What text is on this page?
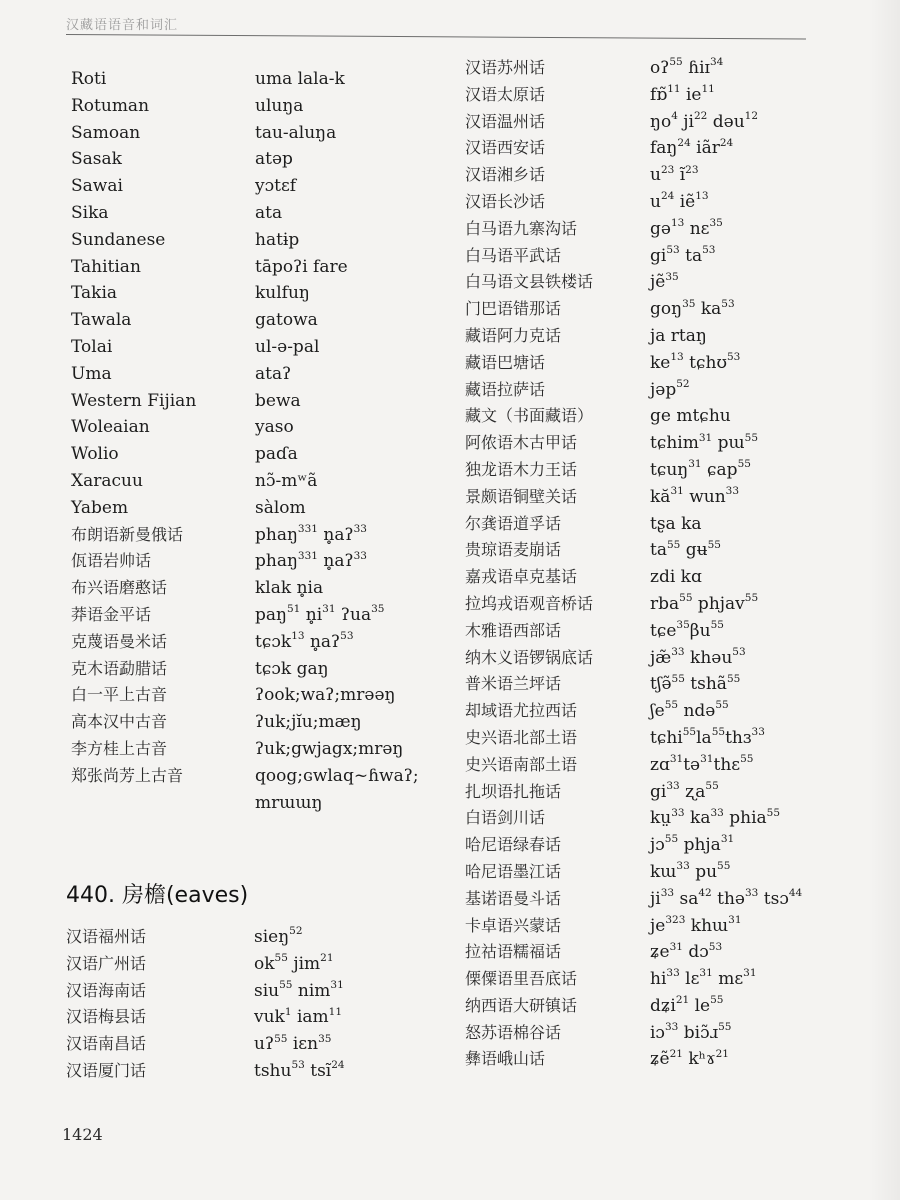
汉藏语语音和词汇
Roti	uma lala-k
Rotuman	uluŋa
Samoan	tau-aluŋa
Sasak	atəp
Sawai	yɔtɛf
Sika	ata
Sundanese	hatɨp
Tahitian	tāpoʔi fare
Takia	kulfuŋ
Tawala	gatowa
Tolai	ul-ə-pal
Uma	ataʔ
Western Fijian	bewa
Woleaian	yaso
Wolio	paɗa
Xaracuu	nɔ̃-mʷã
Yabem	sàlom
布朗语新曼俄话	phaŋ$^{331}$ n̥aʔ$^{33}$
佤语岩帅话	phaŋ$^{331}$ n̥aʔ$^{33}$
布兴语磨憨话	klak n̥ia
莽语金平话	paŋ$^{51}$ $n̥i^{31}$ ʔua$^{35}$
克蔑语曼米话	tɕɔk$^{13}$ n̥aʔ$^{53}$
克木语勐腊话	tɕɔk gaŋ
白一平上古音	ʔook;waʔ;mrəəŋ
高本汉中古音	ʔuk;jĭu;mæŋ
李方桂上古音	ʔuk;gwjagx;mrəŋ
郑张尚芳上古音	qoog;ɢwlaq~ɦwaʔ;
mrɯɯŋ
440. 房檐(eaves)
汉语福州话	sieŋ$^{52}$
汉语广州话	$ok^{55}$ jim$^{21}$
汉语海南话	siu$^{55}$ nim$^{31}$
汉语梅县话	vuk$^1$ iam$^{11}$
汉语南昌话	uʔ$^{55}$ iɛn$^{35}$
汉语厦门话	tshu$^{53}$ tsĩ$^{24}$
汉语苏州话	oʔ$^{55}$ ɦiɪ$^{34}$
汉语太原话	fɒ̃$^{11}$ $ie^{11}$
汉语温州话	$ŋo^4$ $ji^{22}$ dəu$^{12}$
汉语西安话	faŋ$^{24}$ iãr$^{24}$
汉语湘乡话	$u^{23}$ $ĩ^{23}$
汉语长沙话	$u^{24}$ iẽ$^{13}$
白马语九寨沟话	gə$^{13}$ nɛ$^{35}$
白马语平武话	$gi^{53}$ $ta^{53}$
白马语文县铁楼话	jẽ$^{35}$
门巴语错那话	goŋ$^{35}$ $ka^{53}$
藏语阿力克话	ja rtaŋ
藏语巴塘话	$ke^{13}$ tɕhʊ$^{53}$
藏语拉萨话	jəp$^{52}$
藏文（书面藏语）	ge mtɕhu
阿侬语木古甲话	tɕhim$^{31}$ pɯ$^{55}$
独龙语木力王话	tɕuŋ$^{31}$ ɕap$^{55}$
景颇语铜壁关话	$kă^{31}$ wun$^{33}$
尔龚语道孚话	tʂa ka
贵琼语麦崩话	$ta^{55}$ gʉ$^{55}$
嘉戎语卓克基话	zdi kɑ
拉坞戎语观音桥话	rba$^{55}$ phjav$^{55}$
木雅语西部话	$tɕe^{35}\beta u^{55}$
纳木义语锣锅底话	jæ̃$^{33}$ khəu$^{53}$
普米语兰坪话	tʃə̃$^{55}$ tshã$^{55}$
却域语尤拉西话	ʃe$^{55}$ ndə$^{55}$
史兴语北部土语	$tɕhi^{55}la^{55}thɜ^{33}$
史兴语南部土语	zɑ$^{31}$tə$^{31}$thɛ$^{55}$
扎坝语扎拖话	$gi^{33}$ ʐa$^{55}$
白语剑川话	kṳ$^{33}$ $ka^{33}$ phia$^{55}$
哈尼语绿春话	jɔ$^{55}$ phja$^{31}$
哈尼语墨江话	kɯ$^{33}$ $pu^{55}$
基诺语曼斗话	$ji^{33}$ $sa^{42}$ thə$^{33}$ tsɔ$^{44}$
卡卓语兴蒙话	$je^{323}$ khɯ$^{31}$
拉祜语糯福话	ʑe$^{31}$ dɔ$^{53}$
傈僳语里吾底话	$hi^{33}$ lɛ$^{31}$ mɛ$^{31}$
纳西语大研镇话	dʑi$^{21}$ $le^{55}$
怒苏语棉谷话	iɔ$^{33}$ biɔ̃ɹ$^{55}$
彝语峨山话	ʑẽ$^{21}$ kʰɤ$^{21}$
1424
